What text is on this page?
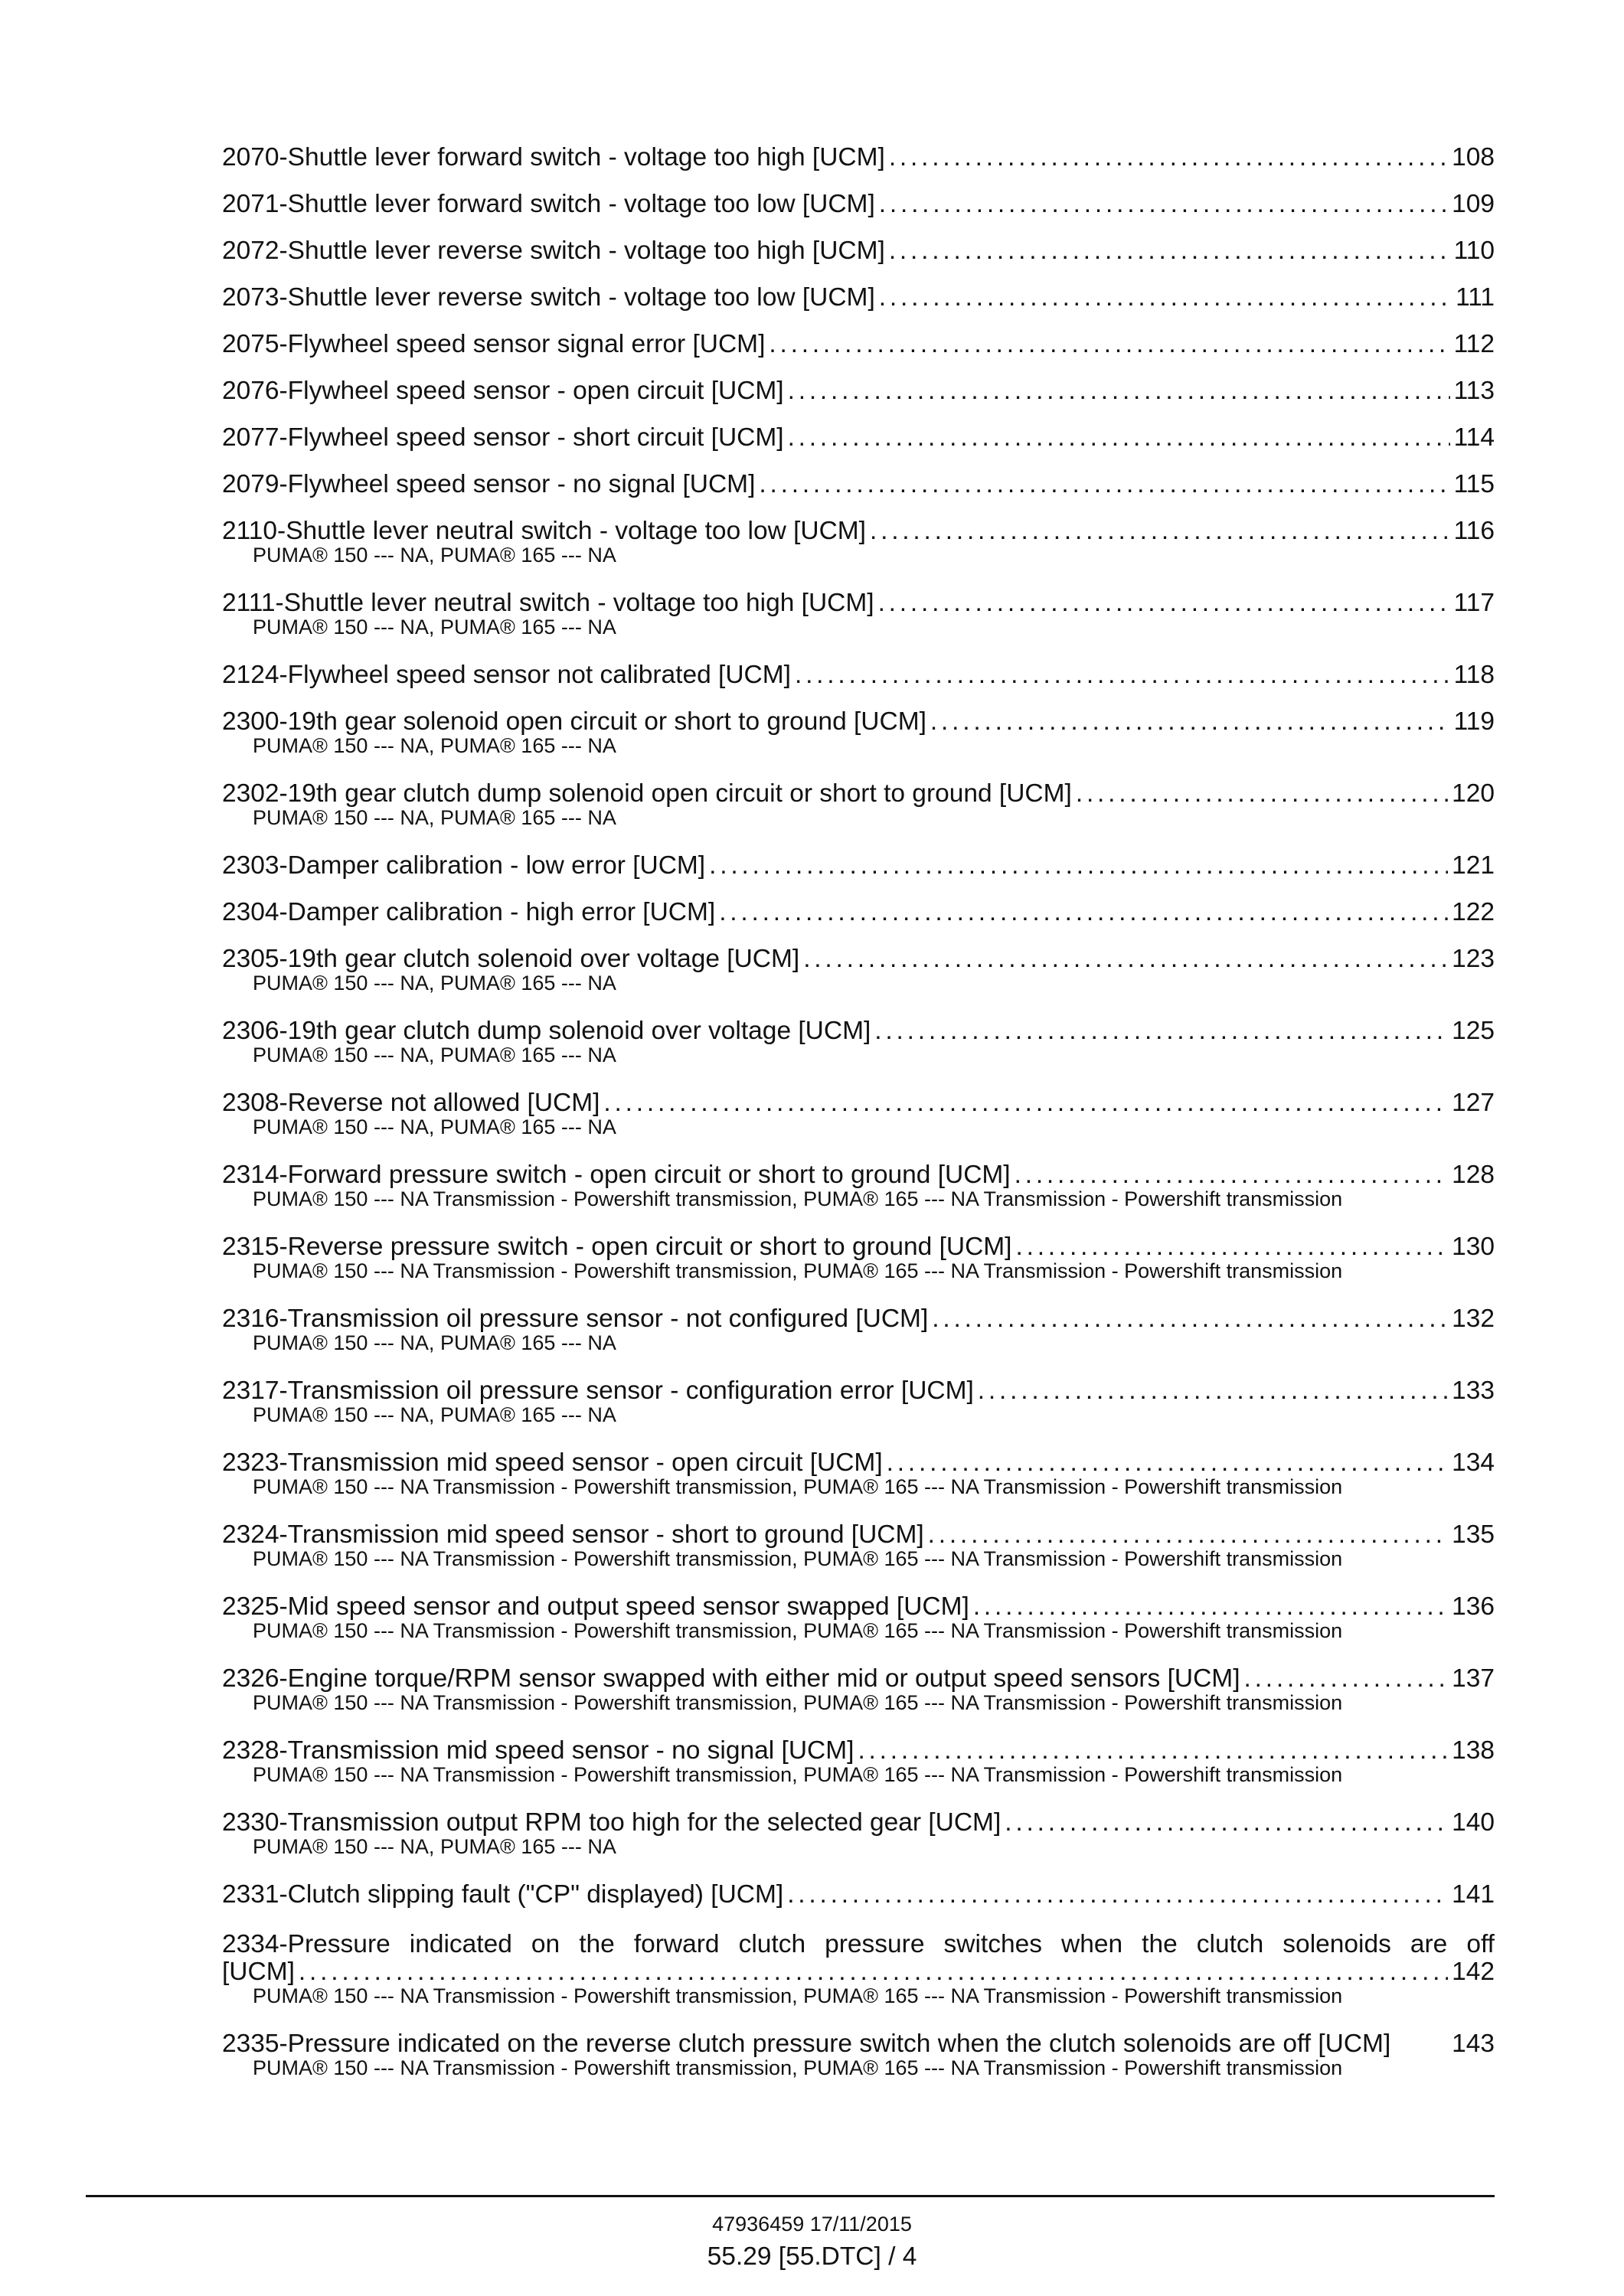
2070-Shuttle lever forward switch - voltage too high [UCM] .....	108
2071-Shuttle lever forward switch - voltage too low [UCM] .....	109
2072-Shuttle lever reverse switch - voltage too high [UCM] .....	110
2073-Shuttle lever reverse switch - voltage too low [UCM] .....	111
2075-Flywheel speed sensor signal error [UCM] .....	112
2076-Flywheel speed sensor - open circuit [UCM] .....	113
2077-Flywheel speed sensor - short circuit [UCM] .....	114
2079-Flywheel speed sensor - no signal [UCM] .....	115
2110-Shuttle lever neutral switch - voltage too low [UCM] .....	116
PUMA® 150 --- NA, PUMA® 165 --- NA
2111-Shuttle lever neutral switch - voltage too high [UCM] .....	117
PUMA® 150 --- NA, PUMA® 165 --- NA
2124-Flywheel speed sensor not calibrated [UCM] .....	118
2300-19th gear solenoid open circuit or short to ground [UCM] .....	119
PUMA® 150 --- NA, PUMA® 165 --- NA
2302-19th gear clutch dump solenoid open circuit or short to ground [UCM] .....	120
PUMA® 150 --- NA, PUMA® 165 --- NA
2303-Damper calibration - low error [UCM] .....	121
2304-Damper calibration - high error [UCM] .....	122
2305-19th gear clutch solenoid over voltage [UCM] .....	123
PUMA® 150 --- NA, PUMA® 165 --- NA
2306-19th gear clutch dump solenoid over voltage [UCM] .....	125
PUMA® 150 --- NA, PUMA® 165 --- NA
2308-Reverse not allowed [UCM] .....	127
PUMA® 150 --- NA, PUMA® 165 --- NA
2314-Forward pressure switch - open circuit or short to ground [UCM] .....	128
PUMA® 150 --- NA Transmission - Powershift transmission, PUMA® 165 --- NA Transmission - Powershift transmission
2315-Reverse pressure switch - open circuit or short to ground [UCM] .....	130
PUMA® 150 --- NA Transmission - Powershift transmission, PUMA® 165 --- NA Transmission - Powershift transmission
2316-Transmission oil pressure sensor - not configured [UCM] .....	132
PUMA® 150 --- NA, PUMA® 165 --- NA
2317-Transmission oil pressure sensor - configuration error [UCM] .....	133
PUMA® 150 --- NA, PUMA® 165 --- NA
2323-Transmission mid speed sensor - open circuit [UCM] .....	134
PUMA® 150 --- NA Transmission - Powershift transmission, PUMA® 165 --- NA Transmission - Powershift transmission
2324-Transmission mid speed sensor - short to ground [UCM] .....	135
PUMA® 150 --- NA Transmission - Powershift transmission, PUMA® 165 --- NA Transmission - Powershift transmission
2325-Mid speed sensor and output speed sensor swapped [UCM] .....	136
PUMA® 150 --- NA Transmission - Powershift transmission, PUMA® 165 --- NA Transmission - Powershift transmission
2326-Engine torque/RPM sensor swapped with either mid or output speed sensors [UCM] .....	137
PUMA® 150 --- NA Transmission - Powershift transmission, PUMA® 165 --- NA Transmission - Powershift transmission
2328-Transmission mid speed sensor - no signal [UCM] .....	138
PUMA® 150 --- NA Transmission - Powershift transmission, PUMA® 165 --- NA Transmission - Powershift transmission
2330-Transmission output RPM too high for the selected gear [UCM] .....	140
PUMA® 150 --- NA, PUMA® 165 --- NA
2331-Clutch slipping fault ("CP" displayed) [UCM] .....	141
2334-Pressure indicated on the forward clutch pressure switches when the clutch solenoids are off
[UCM] .....	142
PUMA® 150 --- NA Transmission - Powershift transmission, PUMA® 165 --- NA Transmission - Powershift transmission
2335-Pressure indicated on the reverse clutch pressure switch when the clutch solenoids are off [UCM] 143
PUMA® 150 --- NA Transmission - Powershift transmission, PUMA® 165 --- NA Transmission - Powershift transmission
47936459 17/11/2015
55.29 [55.DTC] / 4
